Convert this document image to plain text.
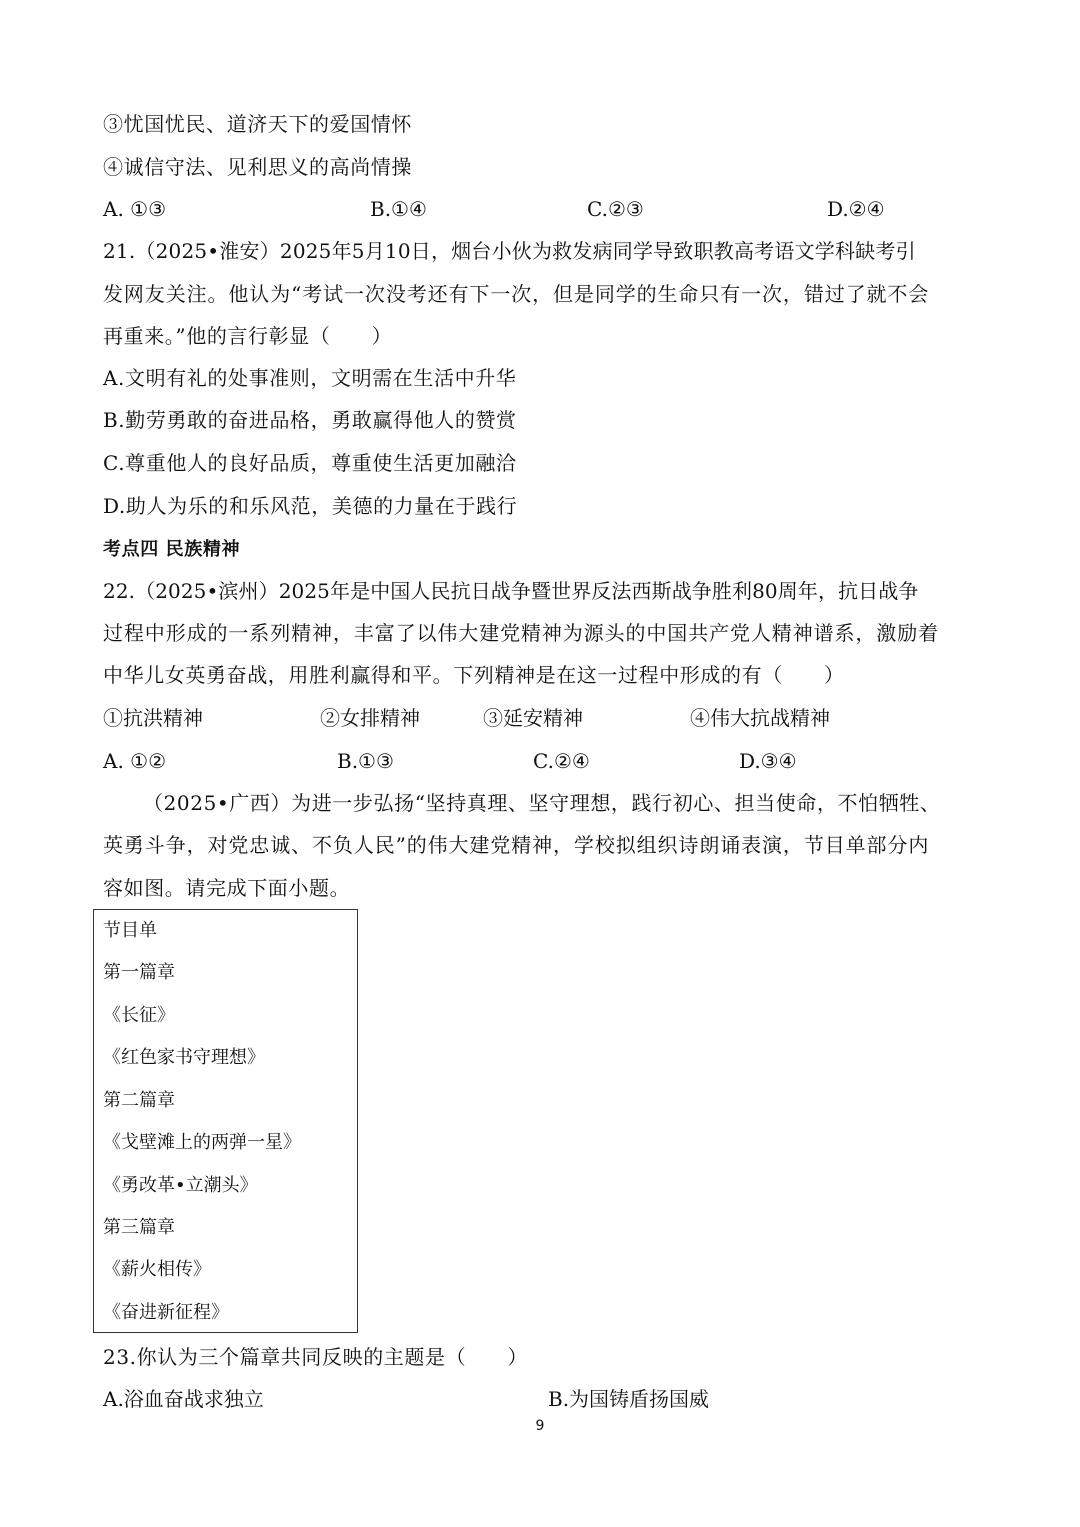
③忧国忧民、道济天下的爱国情怀
④诚信守法、见利思义的高尚情操
A. ①③	B.①④	C.②③	D.②④
21.（2025•淮安）2025年5月10日，烟台小伙为救发病同学导致职教高考语文学科缺考引
发网友关注。他认为“考试一次没考还有下一次，但是同学的生命只有一次，错过了就不会
再重来。”他的言行彰显（　　）
A.文明有礼的处事准则，文明需在生活中升华
B.勤劳勇敢的奋进品格，勇敢赢得他人的赞赏
C.尊重他人的良好品质，尊重使生活更加融洽
D.助人为乐的和乐风范，美德的力量在于践行
考点四 民族精神
22.（2025•滨州）2025年是中国人民抗日战争暨世界反法西斯战争胜利80周年，抗日战争
过程中形成的一系列精神，丰富了以伟大建党精神为源头的中国共产党人精神谱系，激励着
中华儿女英勇奋战，用胜利赢得和平。下列精神是在这一过程中形成的有（　　）
①抗洪精神	②女排精神	③延安精神	④伟大抗战精神
A. ①②	B.①③	C.②④	D.③④
（2025•广西）为进一步弘扬“坚持真理、坚守理想，践行初心、担当使命，不怕牺牲、
英勇斗争，对党忠诚、不负人民”的伟大建党精神，学校拟组织诗朗诵表演，节目单部分内
容如图。请完成下面小题。
节目单
第一篇章
《长征》
《红色家书守理想》
第二篇章
《戈壁滩上的两弹一星》
《勇改革•立潮头》
第三篇章
《薪火相传》
《奋进新征程》
23.你认为三个篇章共同反映的主题是（　　）
A.浴血奋战求独立	B.为国铸盾扬国威
9
